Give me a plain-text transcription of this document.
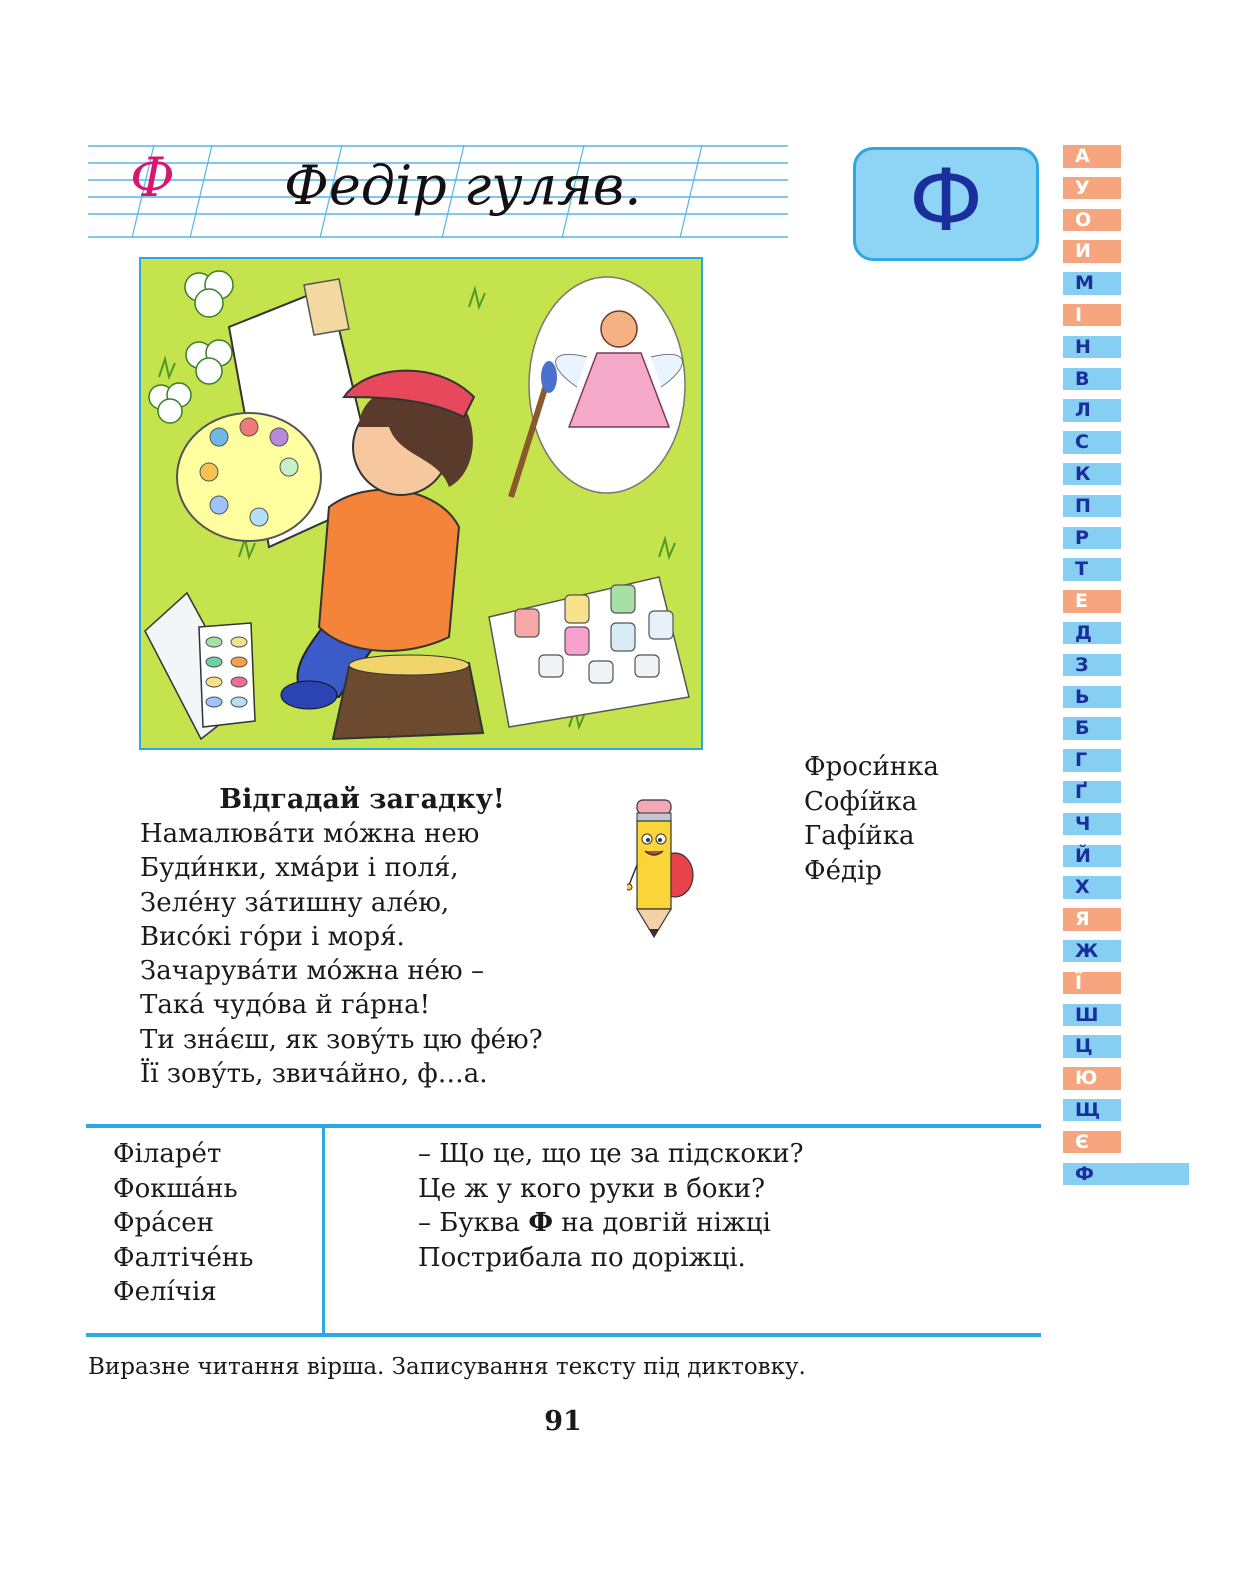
Ф Федір гуляв.	Ф	А
У
О
И
М
І
Н
В
Л
С
К
П
Р
Т
Е
Д
З
Ь
Б
Г
Ґ
Ч
Й
Х
Я
Ж
Ї
Ш
Ц
Ю
Щ
Є
Ф
Відгадай загадку!
Намалюва́ти мо́жна нею
Буди́нки, хма́ри і поля́,
Зеле́ну за́тишну але́ю,
Висо́кі го́ри і моря́.
Зачарува́ти мо́жна не́ю –
Така́ чудо́ва й га́рна!
Ти зна́єш, як зову́ть цю фе́ю?
Її зову́ть, звича́йно, ф…а.
Фроси́нка
Софі́йка
Гафі́йка
Фе́дір
Філаре́т
Фокша́нь
Фра́сен
Фалтіче́нь
Фелі́чія
– Що це, що це за підскоки?
Це ж у кого руки в боки?
– Буква Ф на довгій ніжці
Пострибала по доріжці.
Виразне читання вірша. Записування тексту під диктовку.
91
